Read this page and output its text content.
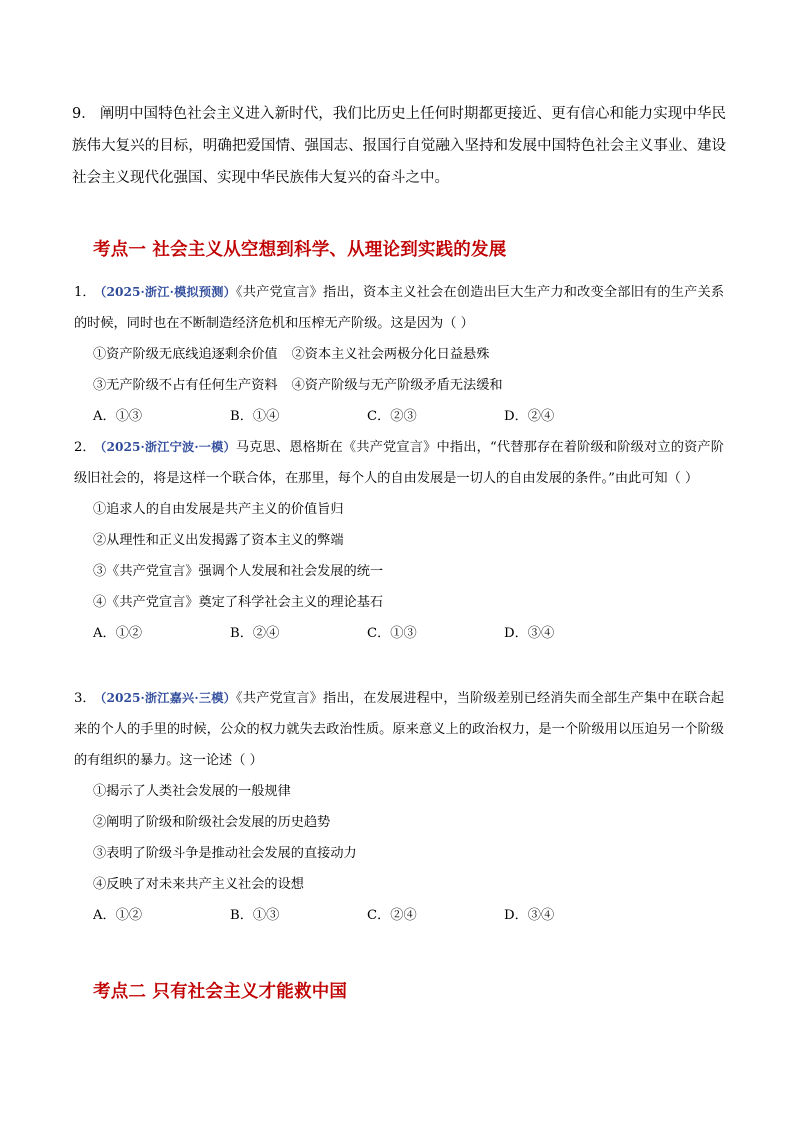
9． 阐明中国特色社会主义进入新时代，我们比历史上任何时期都更接近、更有信心和能力实现中华民族伟大复兴的目标，明确把爱国情、强国志、报国行自觉融入坚持和发展中国特色社会主义事业、建设社会主义现代化强国、实现中华民族伟大复兴的奋斗之中。
考点一 社会主义从空想到科学、从理论到实践的发展
1．（2025·浙江·模拟预测）《共产党宣言》指出，资本主义社会在创造出巨大生产力和改变全部旧有的生产关系的时候，同时也在不断制造经济危机和压榨无产阶级。这是因为（ ）
①资产阶级无底线追逐剩余价值 ②资本主义社会两极分化日益悬殊
③无产阶级不占有任何生产资料 ④资产阶级与无产阶级矛盾无法缓和
A．①③	B．①④	C．②③	D．②④
2．（2025·浙江宁波·一模）马克思、恩格斯在《共产党宣言》中指出，“代替那存在着阶级和阶级对立的资产阶级旧社会的，将是这样一个联合体，在那里，每个人的自由发展是一切人的自由发展的条件。”由此可知（ ）
①追求人的自由发展是共产主义的价值旨归
②从理性和正义出发揭露了资本主义的弊端
③《共产党宣言》强调个人发展和社会发展的统一
④《共产党宣言》奠定了科学社会主义的理论基石
A．①②	B．②④	C．①③	D．③④
3．（2025·浙江嘉兴·三模）《共产党宣言》指出，在发展进程中，当阶级差别已经消失而全部生产集中在联合起来的个人的手里的时候，公众的权力就失去政治性质。原来意义上的政治权力，是一个阶级用以压迫另一个阶级的有组织的暴力。这一论述（ ）
①揭示了人类社会发展的一般规律
②阐明了阶级和阶级社会发展的历史趋势
③表明了阶级斗争是推动社会发展的直接动力
④反映了对未来共产主义社会的设想
A．①②	B．①③	C．②④	D．③④
考点二 只有社会主义才能救中国
